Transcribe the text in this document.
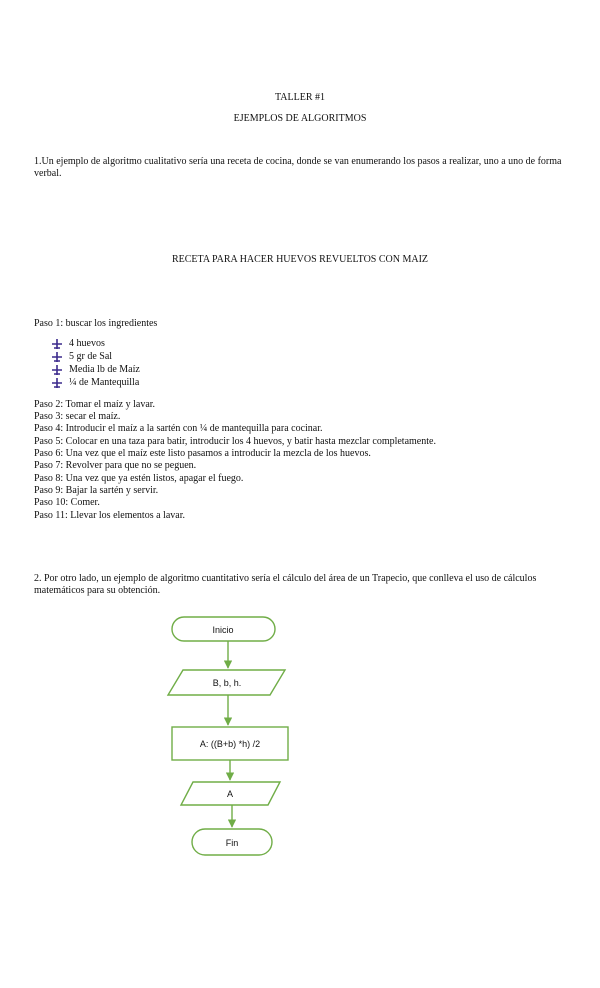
TALLER #1
EJEMPLOS DE ALGORITMOS
1.Un ejemplo de algoritmo cualitativo sería una receta de cocina, donde se van enumerando los pasos a realizar, uno a uno de forma verbal.
RECETA PARA HACER HUEVOS REVUELTOS CON MAIZ
Paso 1: buscar los ingredientes
4 huevos
5 gr de Sal
Media lb de Maíz
¼ de Mantequilla
Paso 2: Tomar el maíz y lavar.
Paso 3: secar el maíz.
Paso 4: Introducir el maíz a la sartén con ¼ de mantequilla para cocinar.
Paso 5: Colocar en una taza para batir, introducir los 4 huevos, y batir hasta mezclar completamente.
Paso 6: Una vez que el maíz este listo pasamos a introducir la mezcla de los huevos.
Paso 7: Revolver para que no se peguen.
Paso 8: Una vez que ya estén listos, apagar el fuego.
Paso 9: Bajar la sartén y servir.
Paso 10: Comer.
Paso 11: Llevar los elementos a lavar.
2. Por otro lado, un ejemplo de algoritmo cuantitativo sería el cálculo del área de un Trapecio, que conlleva el uso de cálculos matemáticos para su obtención.
Inicio
B, b, h.
A: ((B+b) *h) /2
A
Fin
